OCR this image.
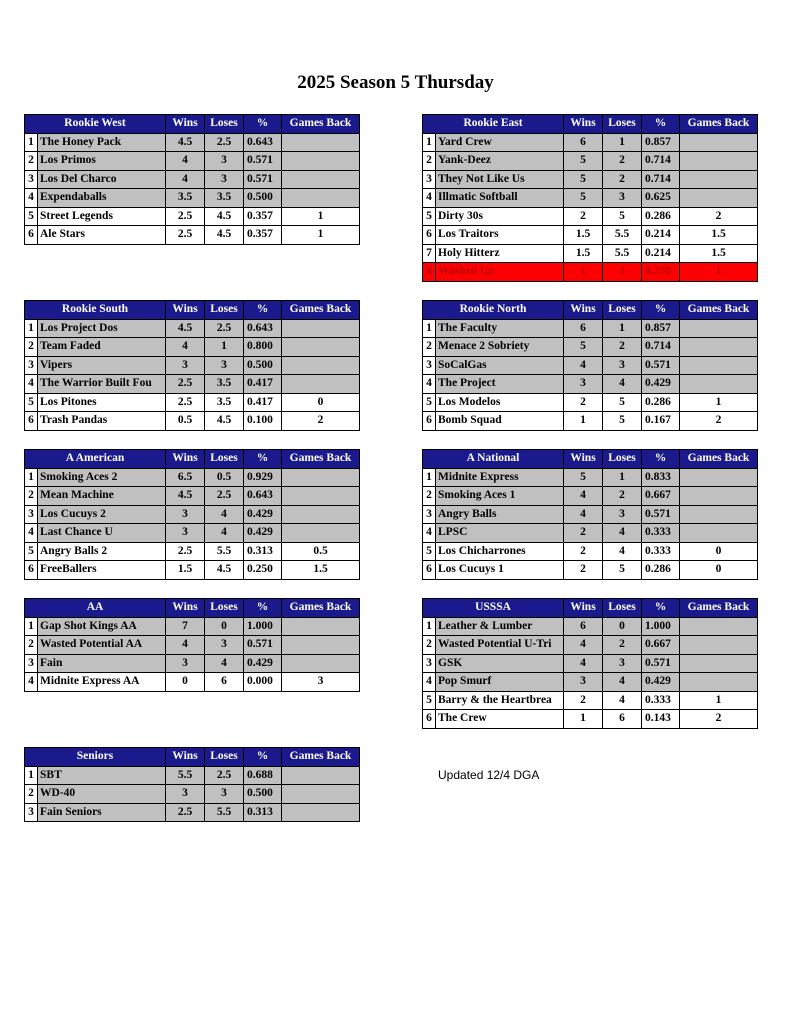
2025 Season 5 Thursday
Rookie West		Wins	Loses	%	Games Back
1	The Honey Pack	4.5	2.5	0.643	
2	Los Primos	4	3	0.571	
3	Los Del Charco	4	3	0.571	
4	Expendaballs	3.5	3.5	0.500	
5	Street Legends	2.5	4.5	0.357	1
6	Ale Stars	2.5	4.5	0.357	1
Rookie East		Wins	Loses	%	Games Back
1	Yard Crew	6	1	0.857	
2	Yank-Deez	5	2	0.714	
3	They Not Like Us	5	2	0.714	
4	Illmatic Softball	5	3	0.625	
5	Dirty 30s	2	5	0.286	2
6	Los Traitors	1.5	5.5	0.214	1.5
7	Holy Hitterz	1.5	5.5	0.214	1.5
8	Washed Up	1	3	0.250	2
Rookie South		Wins	Loses	%	Games Back
1	Los Project Dos	4.5	2.5	0.643	
2	Team Faded	4	1	0.800	
3	Vipers	3	3	0.500	
4	The Warrior Built Fou	2.5	3.5	0.417	
5	Los Pitones	2.5	3.5	0.417	0
6	Trash Pandas	0.5	4.5	0.100	2
Rookie North		Wins	Loses	%	Games Back
1	The Faculty	6	1	0.857	
2	Menace 2 Sobriety	5	2	0.714	
3	SoCalGas	4	3	0.571	
4	The Project	3	4	0.429	
5	Los Modelos	2	5	0.286	1
6	Bomb Squad	1	5	0.167	2
A American		Wins	Loses	%	Games Back
1	Smoking Aces 2	6.5	0.5	0.929	
2	Mean Machine	4.5	2.5	0.643	
3	Los Cucuys 2	3	4	0.429	
4	Last Chance U	3	4	0.429	
5	Angry Balls 2	2.5	5.5	0.313	0.5
6	FreeBallers	1.5	4.5	0.250	1.5
A National		Wins	Loses	%	Games Back
1	Midnite Express	5	1	0.833	
2	Smoking Aces 1	4	2	0.667	
3	Angry Balls	4	3	0.571	
4	LPSC	2	4	0.333	
5	Los Chicharrones	2	4	0.333	0
6	Los Cucuys 1	2	5	0.286	0
AA		Wins	Loses	%	Games Back
1	Gap Shot Kings AA	7	0	1.000	
2	Wasted Potential AA	4	3	0.571	
3	Fain	3	4	0.429	
4	Midnite Express AA	0	6	0.000	3
USSSA		Wins	Loses	%	Games Back
1	Leather & Lumber	6	0	1.000	
2	Wasted Potential U-Tri	4	2	0.667	
3	GSK	4	3	0.571	
4	Pop Smurf	3	4	0.429	
5	Barry & the Heartbrea	2	4	0.333	1
6	The Crew	1	6	0.143	2
Seniors		Wins	Loses	%	Games Back
1	SBT	5.5	2.5	0.688	
2	WD-40	3	3	0.500	
3	Fain Seniors	2.5	5.5	0.313	
Updated 12/4 DGA
